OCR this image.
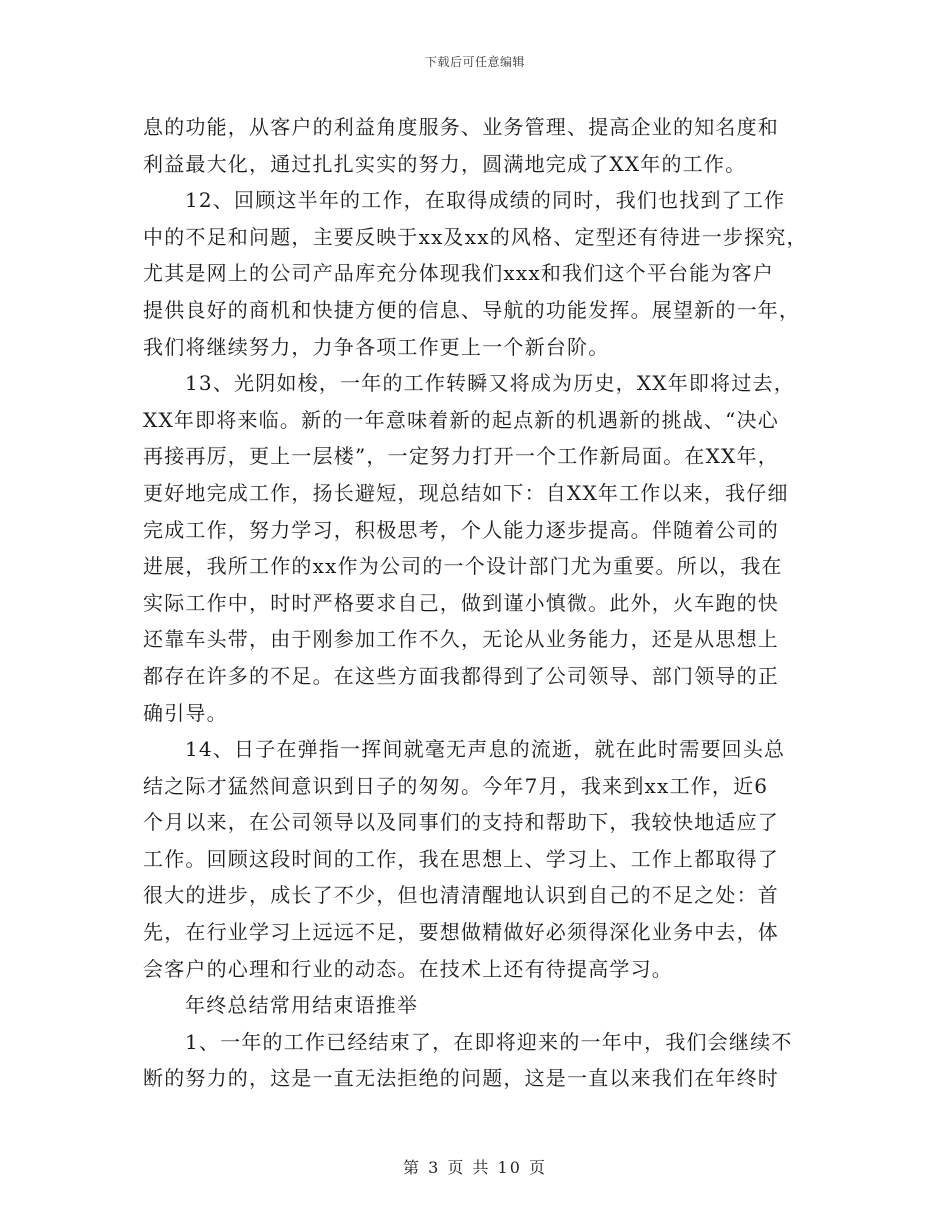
下载后可任意编辑
息的功能，从客户的利益角度服务、业务管理、提高企业的知名度和
利益最大化，通过扎扎实实的努力，圆满地完成了XX年的工作。
12、回顾这半年的工作，在取得成绩的同时，我们也找到了工作
中的不足和问题，主要反映于xx及xx的风格、定型还有待进一步探究，
尤其是网上的公司产品库充分体现我们xxx和我们这个平台能为客户
提供良好的商机和快捷方便的信息、导航的功能发挥。展望新的一年，
我们将继续努力，力争各项工作更上一个新台阶。
13、光阴如梭，一年的工作转瞬又将成为历史，XX年即将过去，
XX年即将来临。新的一年意味着新的起点新的机遇新的挑战、“决心
再接再厉，更上一层楼”，一定努力打开一个工作新局面。在XX年，
更好地完成工作，扬长避短，现总结如下：自XX年工作以来，我仔细
完成工作，努力学习，积极思考，个人能力逐步提高。伴随着公司的
进展，我所工作的xx作为公司的一个设计部门尤为重要。所以，我在
实际工作中，时时严格要求自己，做到谨小慎微。此外，火车跑的快
还靠车头带，由于刚参加工作不久，无论从业务能力，还是从思想上
都存在许多的不足。在这些方面我都得到了公司领导、部门领导的正
确引导。
14、日子在弹指一挥间就毫无声息的流逝，就在此时需要回头总
结之际才猛然间意识到日子的匆匆。今年7月，我来到xx工作，近6
个月以来，在公司领导以及同事们的支持和帮助下，我较快地适应了
工作。回顾这段时间的工作，我在思想上、学习上、工作上都取得了
很大的进步，成长了不少，但也清清醒地认识到自己的不足之处：首
先，在行业学习上远远不足，要想做精做好必须得深化业务中去，体
会客户的心理和行业的动态。在技术上还有待提高学习。
年终总结常用结束语推举
1、一年的工作已经结束了，在即将迎来的一年中，我们会继续不
断的努力的，这是一直无法拒绝的问题，这是一直以来我们在年终时
第 3 页 共 10 页
